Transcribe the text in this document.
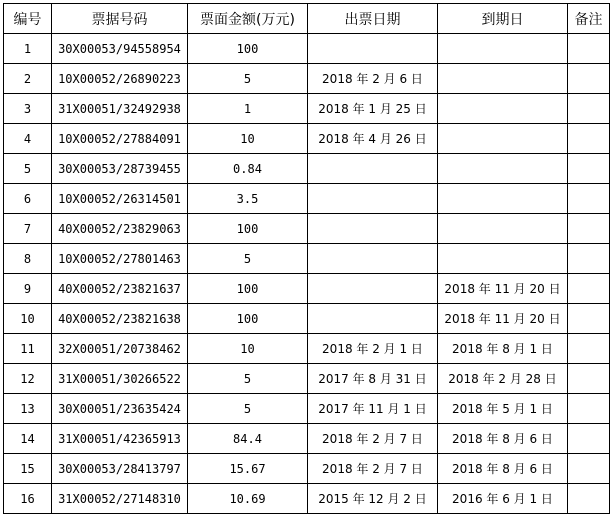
编号	票据号码	票面金额(万元)	出票日期	到期日	备注
1	30X00053/94558954	100			
2	10X00052/26890223	5	2018 年 2 月 6 日		
3	31X00051/32492938	1	2018 年 1 月 25 日		
4	10X00052/27884091	10	2018 年 4 月 26 日		
5	30X00053/28739455	0.84			
6	10X00052/26314501	3.5			
7	40X00052/23829063	100			
8	10X00052/27801463	5			
9	40X00052/23821637	100		2018 年 11 月 20 日	
10	40X00052/23821638	100		2018 年 11 月 20 日	
11	32X00051/20738462	10	2018 年 2 月 1 日	2018 年 8 月 1 日	
12	31X00051/30266522	5	2017 年 8 月 31 日	2018 年 2 月 28 日	
13	30X00051/23635424	5	2017 年 11 月 1 日	2018 年 5 月 1 日	
14	31X00051/42365913	84.4	2018 年 2 月 7 日	2018 年 8 月 6 日	
15	30X00053/28413797	15.67	2018 年 2 月 7 日	2018 年 8 月 6 日	
16	31X00052/27148310	10.69	2015 年 12 月 2 日	2016 年 6 月 1 日	
